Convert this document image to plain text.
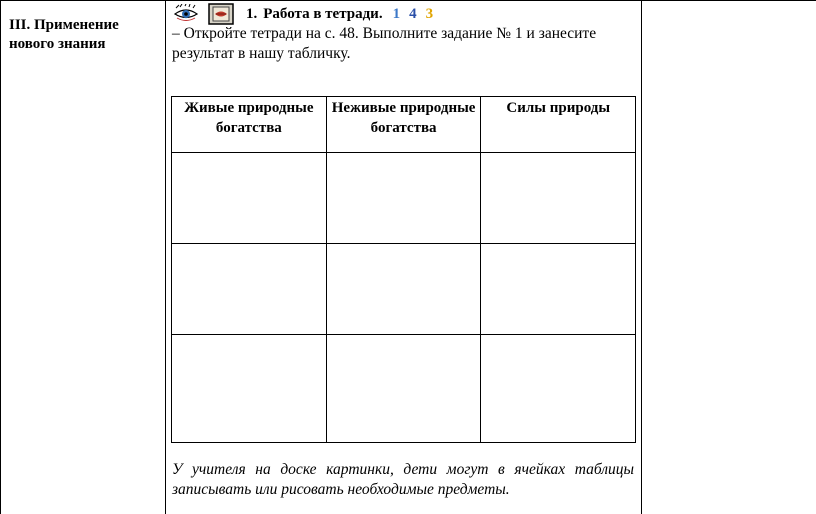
III. Применение нового знания
1. Работа в тетради. 1 4 3
– Откройте тетради на с. 48. Выполните задание № 1 и занесите результат в нашу табличку.
Живые природные богатства	Неживые природные богатства	Силы природы

У учителя на доске картинки, дети могут в ячейках таблицы записывать или рисовать необходимые предметы.
